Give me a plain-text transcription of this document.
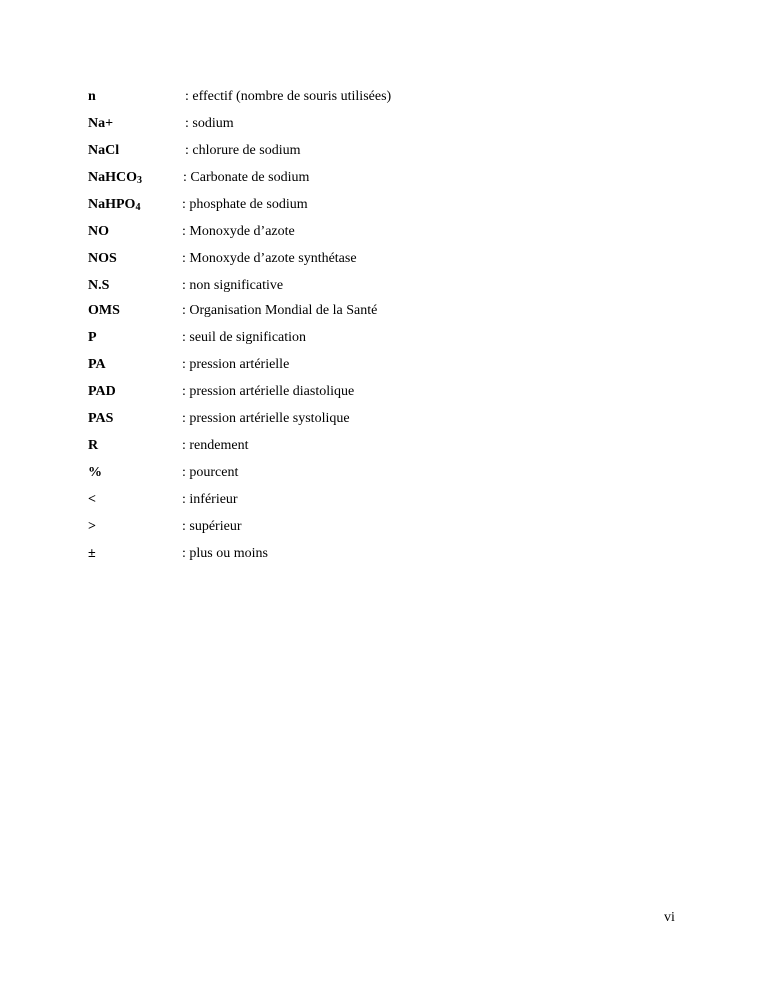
n	: effectif (nombre de souris utilisées)
Na+	: sodium
NaCl	: chlorure de sodium
NaHCO$_3$	: Carbonate de sodium
NaHPO$_4$	: phosphate de sodium
NO	: Monoxyde d’azote
NOS	: Monoxyde d’azote synthétase
N.S	: non significative
OMS	: Organisation Mondial de la Santé
P	: seuil de signification
PA	: pression artérielle
PAD	: pression artérielle diastolique
PAS	: pression artérielle systolique
R	: rendement
%	: pourcent
<	: inférieur
>	: supérieur
±	: plus ou moins
vi
